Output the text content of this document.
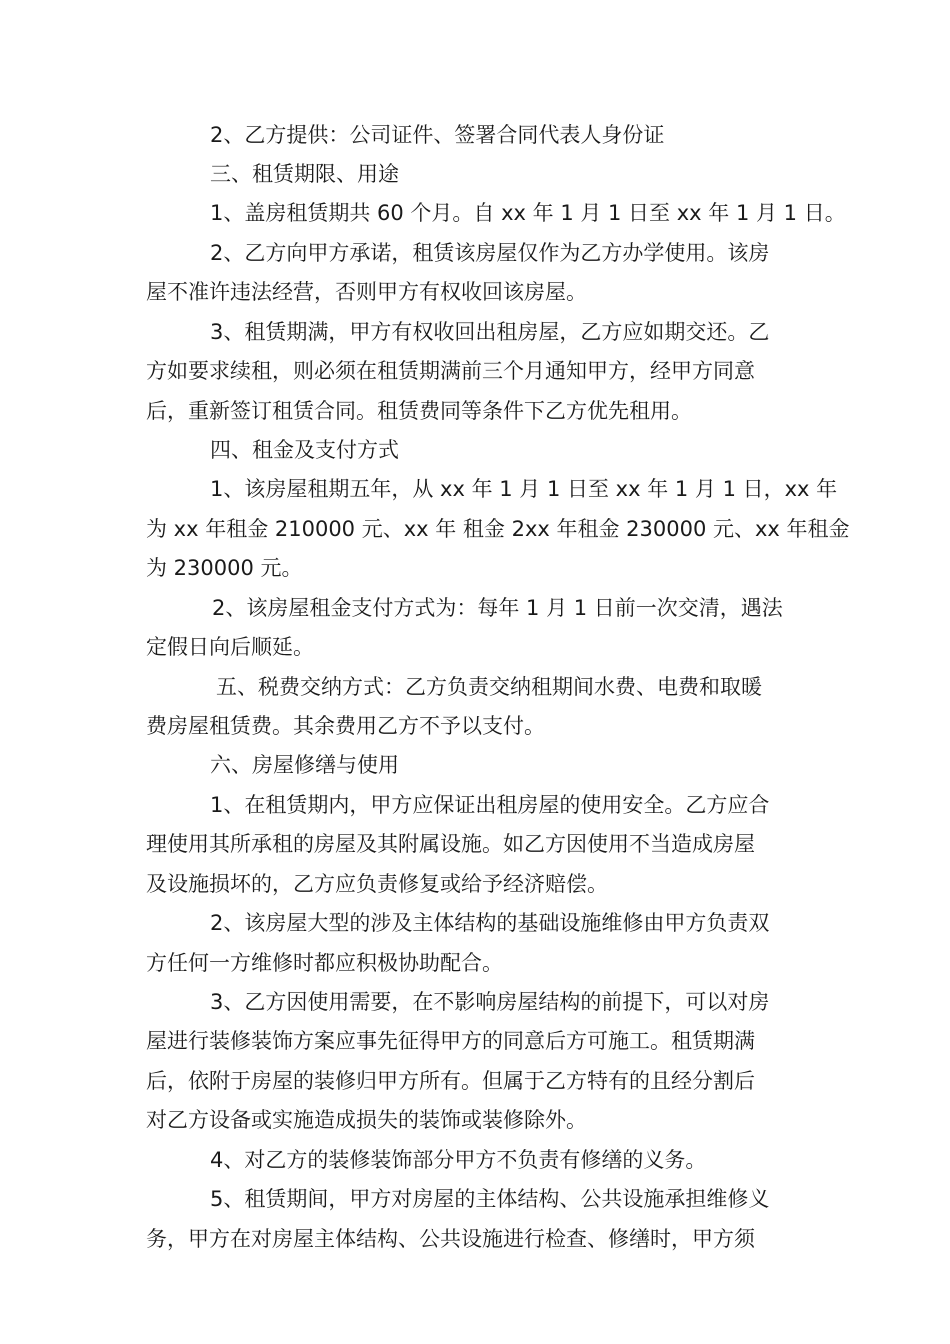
2、乙方提供：公司证件、签署合同代表人身份证
三、租赁期限、用途
1、盖房租赁期共 60 个月。自 xx 年 1 月 1 日至 xx 年 1 月 1 日。
2、乙方向甲方承诺，租赁该房屋仅作为乙方办学使用。该房
屋不准许违法经营，否则甲方有权收回该房屋。
3、租赁期满，甲方有权收回出租房屋，乙方应如期交还。乙
方如要求续租，则必须在租赁期满前三个月通知甲方，经甲方同意
后，重新签订租赁合同。租赁费同等条件下乙方优先租用。
四、租金及支付方式
1、该房屋租期五年，从 xx 年 1 月 1 日至 xx 年 1 月 1 日，xx 年
为 xx 年租金 210000 元、xx 年 租金 2xx 年租金 230000 元、xx 年租金
为 230000 元。
2、该房屋租金支付方式为：每年 1 月 1 日前一次交清，遇法
定假日向后顺延。
五、税费交纳方式：乙方负责交纳租期间水费、电费和取暖
费房屋租赁费。其余费用乙方不予以支付。
六、房屋修缮与使用
1、在租赁期内，甲方应保证出租房屋的使用安全。乙方应合
理使用其所承租的房屋及其附属设施。如乙方因使用不当造成房屋
及设施损坏的，乙方应负责修复或给予经济赔偿。
2、该房屋大型的涉及主体结构的基础设施维修由甲方负责双
方任何一方维修时都应积极协助配合。
3、乙方因使用需要，在不影响房屋结构的前提下，可以对房
屋进行装修装饰方案应事先征得甲方的同意后方可施工。租赁期满
后，依附于房屋的装修归甲方所有。但属于乙方特有的且经分割后
对乙方设备或实施造成损失的装饰或装修除外。
4、对乙方的装修装饰部分甲方不负责有修缮的义务。
5、租赁期间，甲方对房屋的主体结构、公共设施承担维修义
务，甲方在对房屋主体结构、公共设施进行检查、修缮时，甲方须
